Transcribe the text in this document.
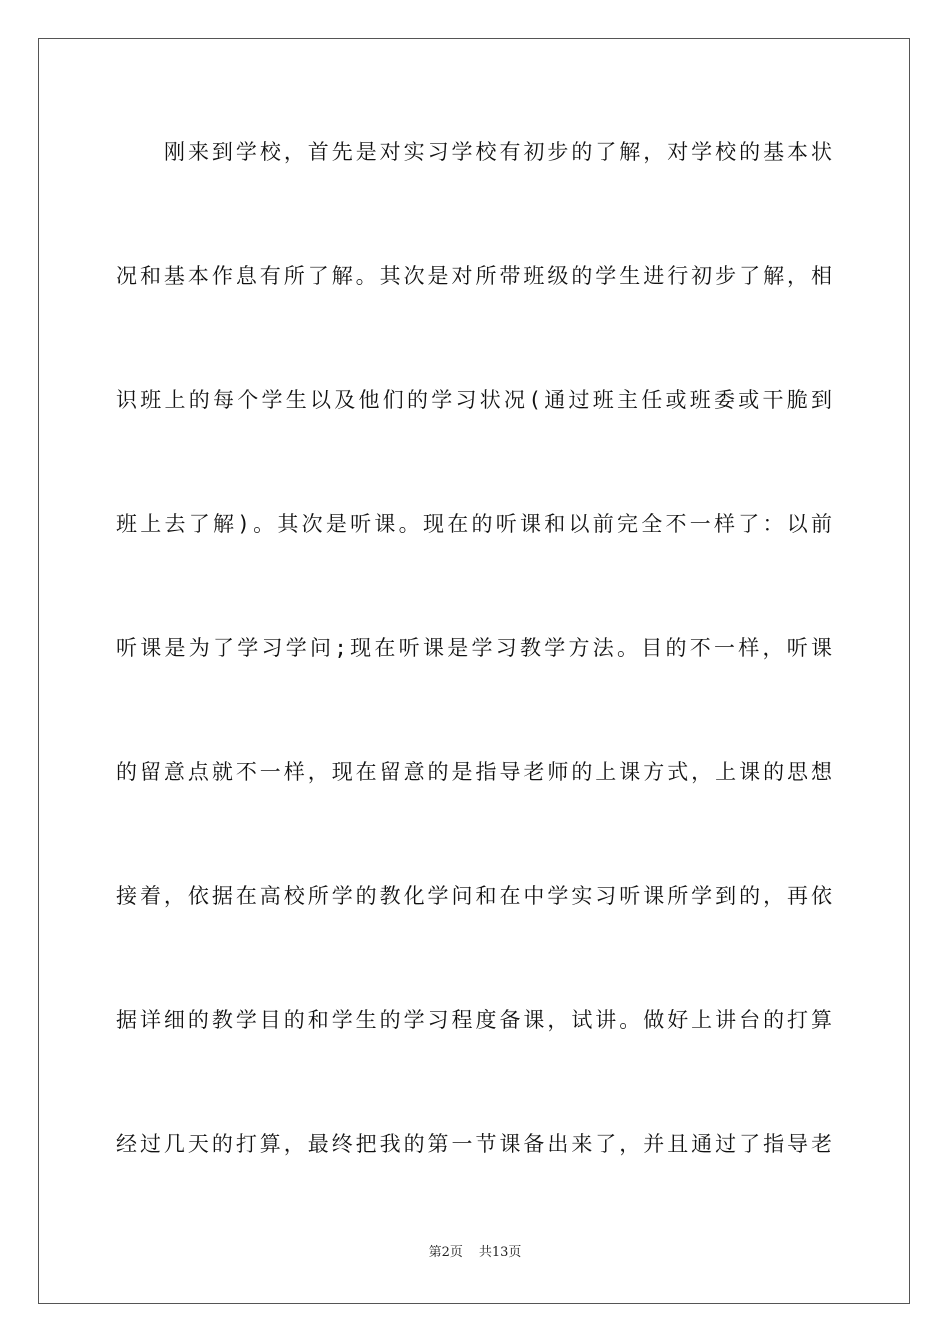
刚来到学校，首先是对实习学校有初步的了解，对学校的基本状
况和基本作息有所了解。其次是对所带班级的学生进行初步了解，相
识班上的每个学生以及他们的学习状况(通过班主任或班委或干脆到
班上去了解)。其次是听课。现在的听课和以前完全不一样了：以前
听课是为了学习学问;现在听课是学习教学方法。目的不一样，听课
的留意点就不一样，现在留意的是指导老师的上课方式，上课的思想
接着，依据在高校所学的教化学问和在中学实习听课所学到的，再依
据详细的教学目的和学生的学习程度备课，试讲。做好上讲台的打算
经过几天的打算，最终把我的第一节课备出来了，并且通过了指导老
第2页 共13页
